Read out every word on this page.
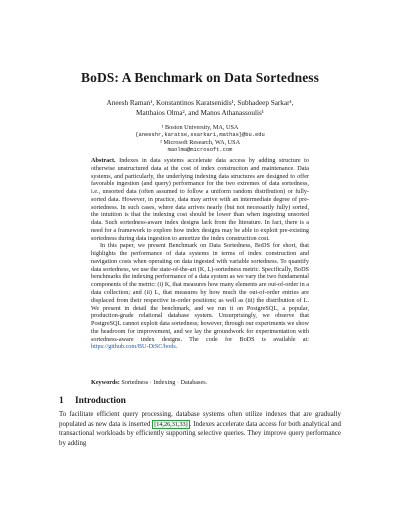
BoDS: A Benchmark on Data Sortedness
Aneesh Raman¹, Konstantinos Karatsenidis¹, Subhadeep Sarkar¹,
Matthaios Olma², and Manos Athanassoulis¹
¹ Boston University, MA, USA
{aneeshr,karatse,ssarkar1,mathas}@bu.edu
² Microsoft Research, WA, USA
maolma@microsoft.com

Abstract. Indexes in data systems accelerate data access by adding structure to otherwise unstructured data at the cost of index construction and maintenance. Data systems, and particularly, the underlying indexing data structures are designed to offer favorable ingestion (and query) performance for the two extremes of data sortedness, i.e., unsorted data (often assumed to follow a uniform random distribution) or fully-sorted data. However, in practice, data may arrive with an intermediate degree of pre-sortedness. In such cases, where data arrives nearly (but not necessarily fully) sorted, the intuition is that the indexing cost should be lower than when ingesting unsorted data. Such sortedness-aware index designs lack from the literature. In fact, there is a need for a framework to explore how index designs may be able to exploit pre-existing sortedness during data ingestion to amortize the index construction cost.

In this paper, we present Benchmark on Data Sortedness, BoDS for short, that highlights the performance of data systems in terms of index construction and navigation costs when operating on data ingested with variable sortedness. To quantify data sortedness, we use the state-of-the-art (K, L)-sortedness metric. Specifically, BoDS benchmarks the indexing performance of a data system as we vary the two fundamental components of the metric: (i) K, that measures how many elements are out-of-order in a data collection; and (ii) L, that measures by how much the out-of-order entries are displaced from their respective in-order positions; as well as (iii) the distribution of L. We present in detail the benchmark, and we run it on PostgreSQL, a popular, production-grade relational database system. Unsurprisingly, we observe that PostgreSQL cannot exploit data sortedness; however, through our experiments we show the headroom for improvement, and we lay the groundwork for experimentation with sortedness-aware index designs. The code for BoDS is available at: https://github.com/BU-DiSC/bods.

Keywords: Sortedness · Indexing · Databases.
1 Introduction

To facilitate efficient query processing, database systems often utilize indexes that are gradually populated as new data is inserted [14,26,31,33] . Indexes accelerate data access for both analytical and transactional workloads by efficiently supporting selective queries. They improve query performance by adding
